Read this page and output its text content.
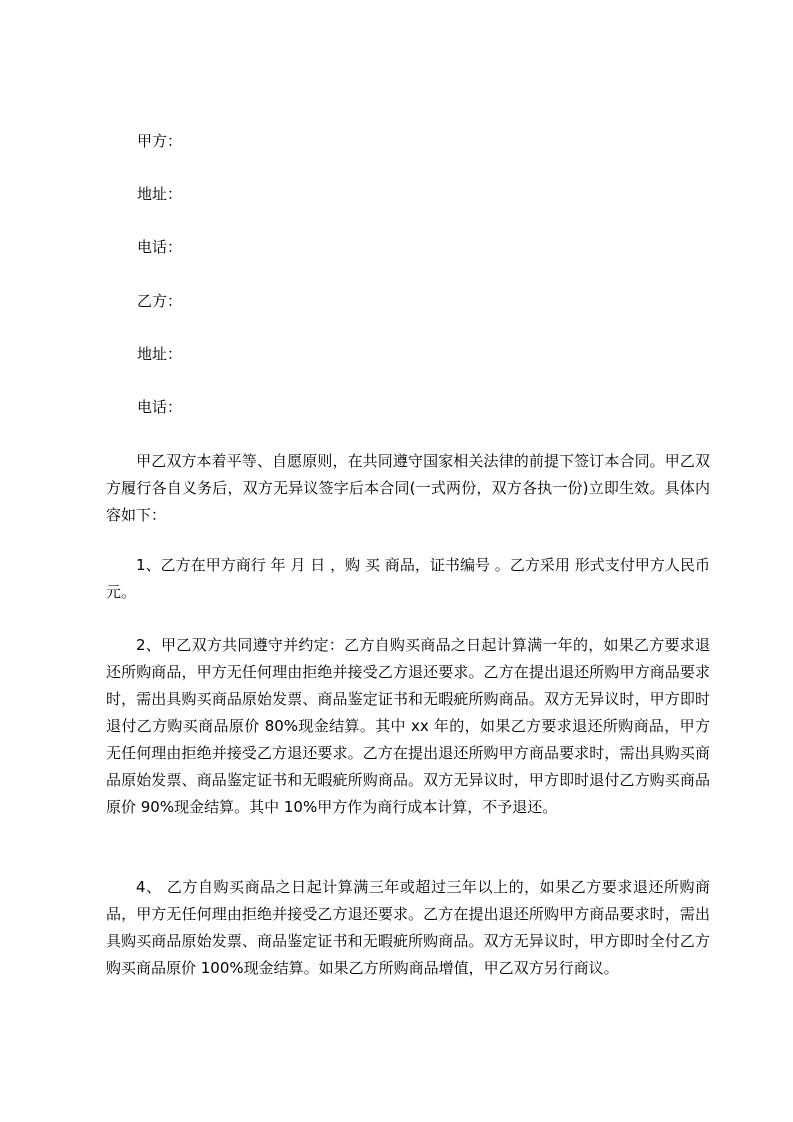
甲方：
地址：
电话：
乙方：
地址：
电话：
甲乙双方本着平等、自愿原则，在共同遵守国家相关法律的前提下签订本合同。甲乙双方履行各自义务后，双方无异议签字后本合同(一式两份，双方各执一份)立即生效。具体内容如下：
1、乙方在甲方商行 年 月 日 ，购 买 商品，证书编号 。乙方采用 形式支付甲方人民币 元。
2、甲乙双方共同遵守并约定：乙方自购买商品之日起计算满一年的，如果乙方要求退还所购商品，甲方无任何理由拒绝并接受乙方退还要求。乙方在提出退还所购甲方商品要求时，需出具购买商品原始发票、商品鉴定证书和无暇疵所购商品。双方无异议时，甲方即时退付乙方购买商品原价 80%现金结算。其中 xx 年的，如果乙方要求退还所购商品，甲方无任何理由拒绝并接受乙方退还要求。乙方在提出退还所购甲方商品要求时，需出具购买商品原始发票、商品鉴定证书和无暇疵所购商品。双方无异议时，甲方即时退付乙方购买商品原价 90%现金结算。其中 10%甲方作为商行成本计算，不予退还。
4、 乙方自购买商品之日起计算满三年或超过三年以上的，如果乙方要求退还所购商品，甲方无任何理由拒绝并接受乙方退还要求。乙方在提出退还所购甲方商品要求时，需出具购买商品原始发票、商品鉴定证书和无暇疵所购商品。双方无异议时，甲方即时全付乙方购买商品原价 100%现金结算。如果乙方所购商品增值，甲乙双方另行商议。
